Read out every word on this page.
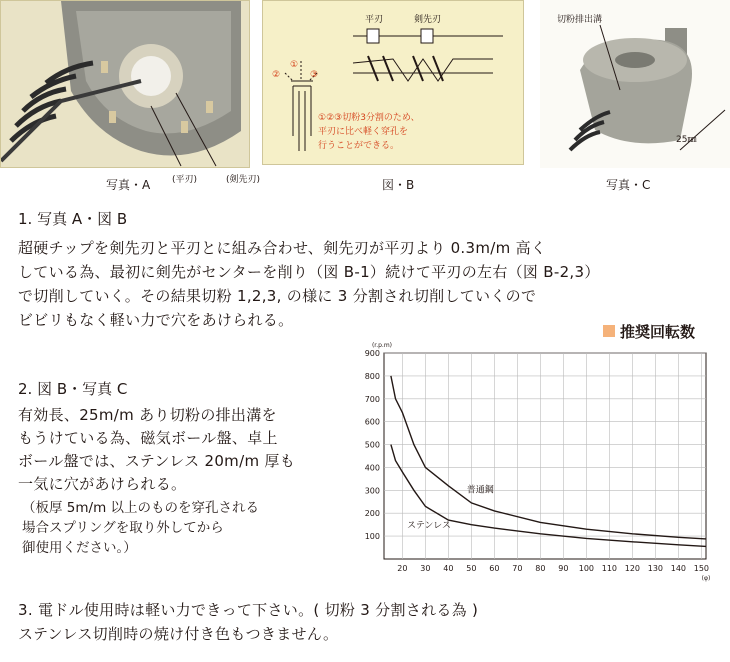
写真・A (平刃)	(剣先刃)
平刃	剣先刃
②
①
③
①②③切粉3分割のため、
平刃に比べ軽く穿孔を
行うことができる。
図・B
切粉排出溝
25㎜
写真・C
1. 写真 A・図 B
超硬チップを剣先刃と平刃とに組み合わせ、剣先刃が平刃より 0.3m/m 高く
している為、最初に剣先がセンターを削り（図 B-1）続けて平刃の左右（図 B-2,3）
で切削していく。その結果切粉 1,2,3, の様に 3 分割され切削していくので
ビビリもなく軽い力で穴をあけられる。
2. 図 B・写真 C
有効長、25m/m あり切粉の排出溝を
もうけている為、磁気ボール盤、卓上
ボール盤では、ステンレス 20m/m 厚も
一気に穴があけられる。
（板厚 5m/m 以上のものを穿孔される
場合スプリングを取り外してから
御使用ください。）
推奨回転数
100
200
300
400
500
600
700
800
900
20 30 40 50 60 70 80 90 100 110 120 130 140 150
(r.p.m)
(φ)
普通鋼
ステンレス
3. 電ドル使用時は軽い力できって下さい。( 切粉 3 分割される為 )
ステンレス切削時の焼け付き色もつきません。
